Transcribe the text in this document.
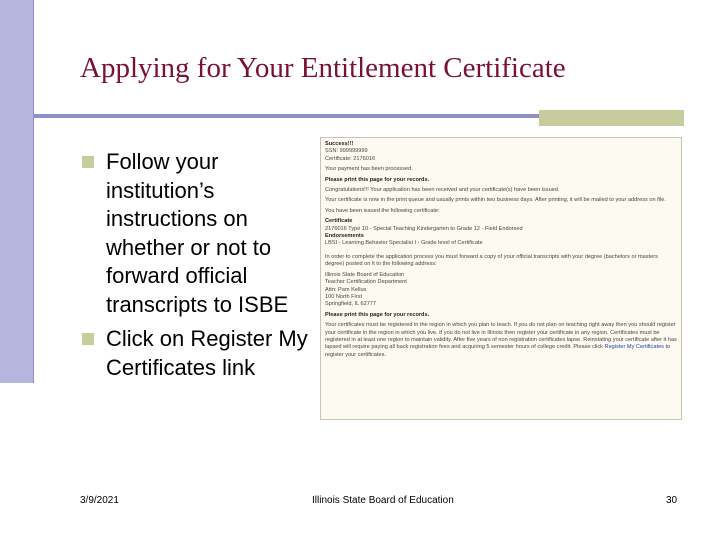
Applying for Your Entitlement Certificate
Follow your institution’s instructions on whether or not to forward official transcripts to ISBE
Click on Register My Certificates link
Success!!!
SSN: 999999999
Certificate: 2176016
Your payment has been processed.
Please print this page for your records.
Congratulations!!! Your application has been received and your certificate(s) have been issued.
Your certificate is now in the print queue and usually prints within two business days. After printing, it will be mailed to your address on file.
You have been issued the following certificate:
Certificate
2176016 Type 10 - Special Teaching Kindergarten to Grade 12 - Field Endorsed
Endorsements
LBSI - Learning Behavior Specialist I - Grade level of Certificate
In order to complete the application process you must forward a copy of your official transcripts with your degree (bachelors or masters degree) posted on it to the following address:
Illinois State Board of Education
Teacher Certification Department
Attn: Pam Kellus
100 North First
Springfield, IL 62777
Please print this page for your records.
Your certificates must be registered in the region in which you plan to teach. If you do not plan on teaching right away then you should register your certificate in the region in which you live. If you do not live in Illinois then register your certificate in any region. Certificates must be registered in at least one region to maintain validity. After five years of non registration certificates lapse. Reinstating your certificate after it has lapsed will require paying all back registration fees and acquiring 5 semester hours of college credit. Please click Register My Certificates to register your certificates.
3/9/2021	Illinois State Board of Education	30
